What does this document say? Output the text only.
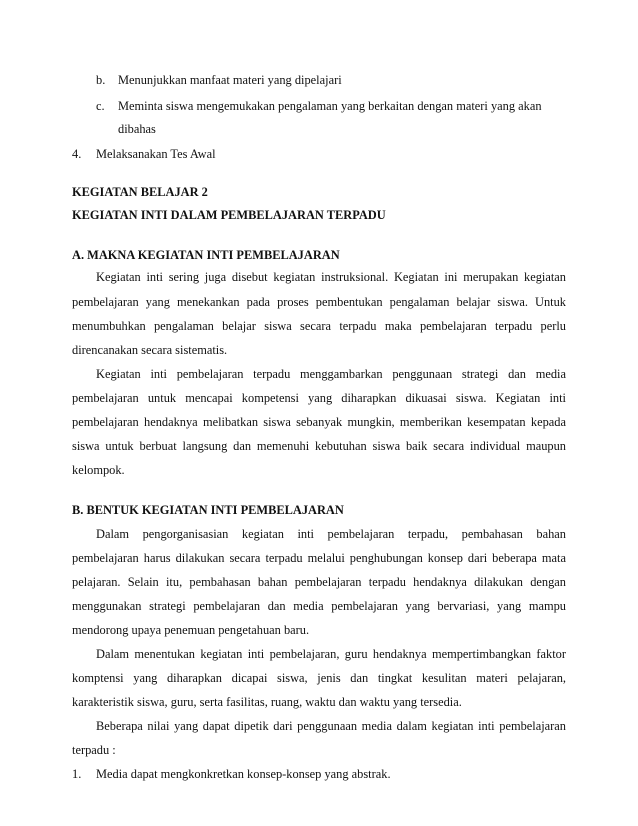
b. Menunjukkan manfaat materi yang dipelajari
c. Meminta siswa mengemukakan pengalaman yang berkaitan dengan materi yang akan
dibahas
4. Melaksanakan Tes Awal
KEGIATAN BELAJAR 2
KEGIATAN INTI DALAM PEMBELAJARAN TERPADU
A. MAKNA KEGIATAN INTI PEMBELAJARAN
Kegiatan inti sering juga disebut kegiatan instruksional. Kegiatan ini merupakan kegiatan
pembelajaran yang menekankan pada proses pembentukan pengalaman belajar siswa. Untuk
menumbuhkan pengalaman belajar siswa secara terpadu maka pembelajaran terpadu perlu
direncanakan secara sistematis.
Kegiatan inti pembelajaran terpadu menggambarkan penggunaan strategi dan media
pembelajaran untuk mencapai kompetensi yang diharapkan dikuasai siswa. Kegiatan inti
pembelajaran hendaknya melibatkan siswa sebanyak mungkin, memberikan kesempatan kepada
siswa untuk berbuat langsung dan memenuhi kebutuhan siswa baik secara individual maupun
kelompok.
B. BENTUK KEGIATAN INTI PEMBELAJARAN
Dalam pengorganisasian kegiatan inti pembelajaran terpadu, pembahasan bahan
pembelajaran harus dilakukan secara terpadu melalui penghubungan konsep dari beberapa mata
pelajaran. Selain itu, pembahasan bahan pembelajaran terpadu hendaknya dilakukan dengan
menggunakan strategi pembelajaran dan media pembelajaran yang bervariasi, yang mampu
mendorong upaya penemuan pengetahuan baru.
Dalam menentukan kegiatan inti pembelajaran, guru hendaknya mempertimbangkan faktor
komptensi yang diharapkan dicapai siswa, jenis dan tingkat kesulitan materi pelajaran,
karakteristik siswa, guru, serta fasilitas, ruang, waktu dan waktu yang tersedia.
Beberapa nilai yang dapat dipetik dari penggunaan media dalam kegiatan inti pembelajaran
terpadu :
1. Media dapat mengkonkretkan konsep-konsep yang abstrak.
